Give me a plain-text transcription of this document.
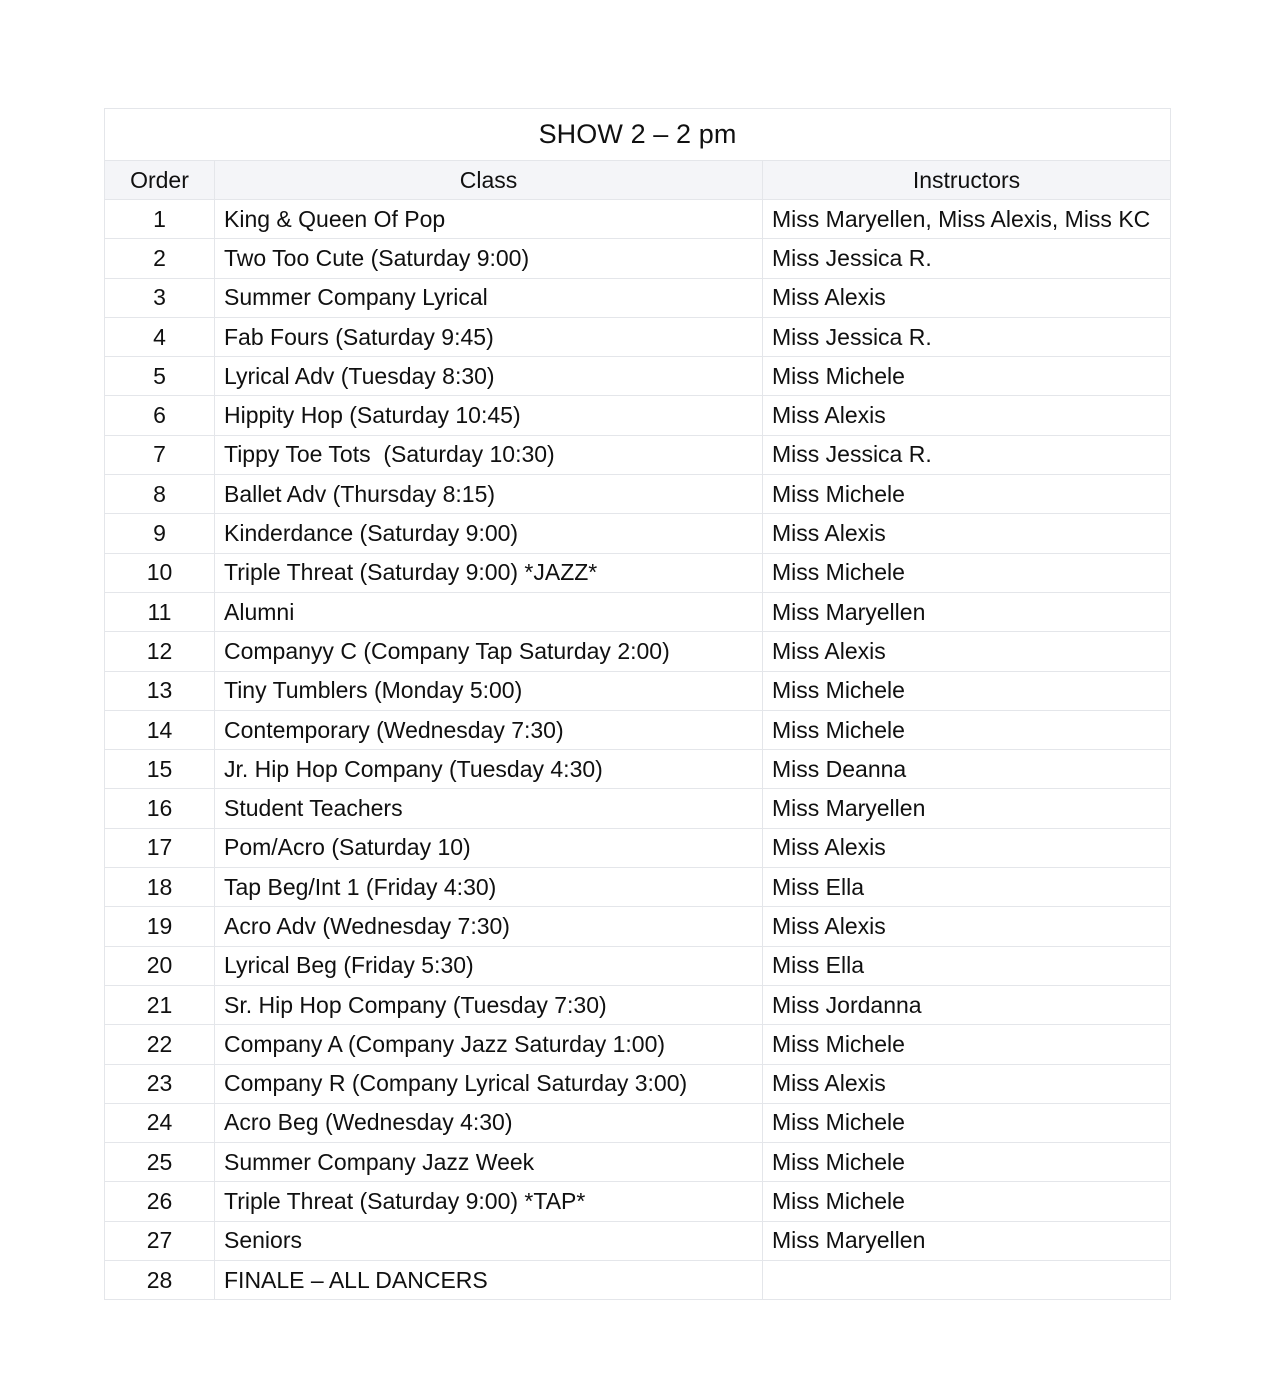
SHOW 2 – 2 pm		
Order	Class	Instructors
1	King & Queen Of Pop	Miss Maryellen, Miss Alexis, Miss KC
2	Two Too Cute (Saturday 9:00)	Miss Jessica R.
3	Summer Company Lyrical	Miss Alexis
4	Fab Fours (Saturday 9:45)	Miss Jessica R.
5	Lyrical Adv (Tuesday 8:30)	Miss Michele
6	Hippity Hop (Saturday 10:45)	Miss Alexis
7	Tippy Toe Tots  (Saturday 10:30)	Miss Jessica R.
8	Ballet Adv (Thursday 8:15)	Miss Michele
9	Kinderdance (Saturday 9:00)	Miss Alexis
10	Triple Threat (Saturday 9:00) *JAZZ*	Miss Michele
11	Alumni	Miss Maryellen
12	Companyy C (Company Tap Saturday 2:00)	Miss Alexis
13	Tiny Tumblers (Monday 5:00)	Miss Michele
14	Contemporary (Wednesday 7:30)	Miss Michele
15	Jr. Hip Hop Company (Tuesday 4:30)	Miss Deanna
16	Student Teachers	Miss Maryellen
17	Pom/Acro (Saturday 10)	Miss Alexis
18	Tap Beg/Int 1 (Friday 4:30)	Miss Ella
19	Acro Adv (Wednesday 7:30)	Miss Alexis
20	Lyrical Beg (Friday 5:30)	Miss Ella
21	Sr. Hip Hop Company (Tuesday 7:30)	Miss Jordanna
22	Company A (Company Jazz Saturday 1:00)	Miss Michele
23	Company R (Company Lyrical Saturday 3:00)	Miss Alexis
24	Acro Beg (Wednesday 4:30)	Miss Michele
25	Summer Company Jazz Week	Miss Michele
26	Triple Threat (Saturday 9:00) *TAP*	Miss Michele
27	Seniors	Miss Maryellen
28	FINALE – ALL DANCERS	
